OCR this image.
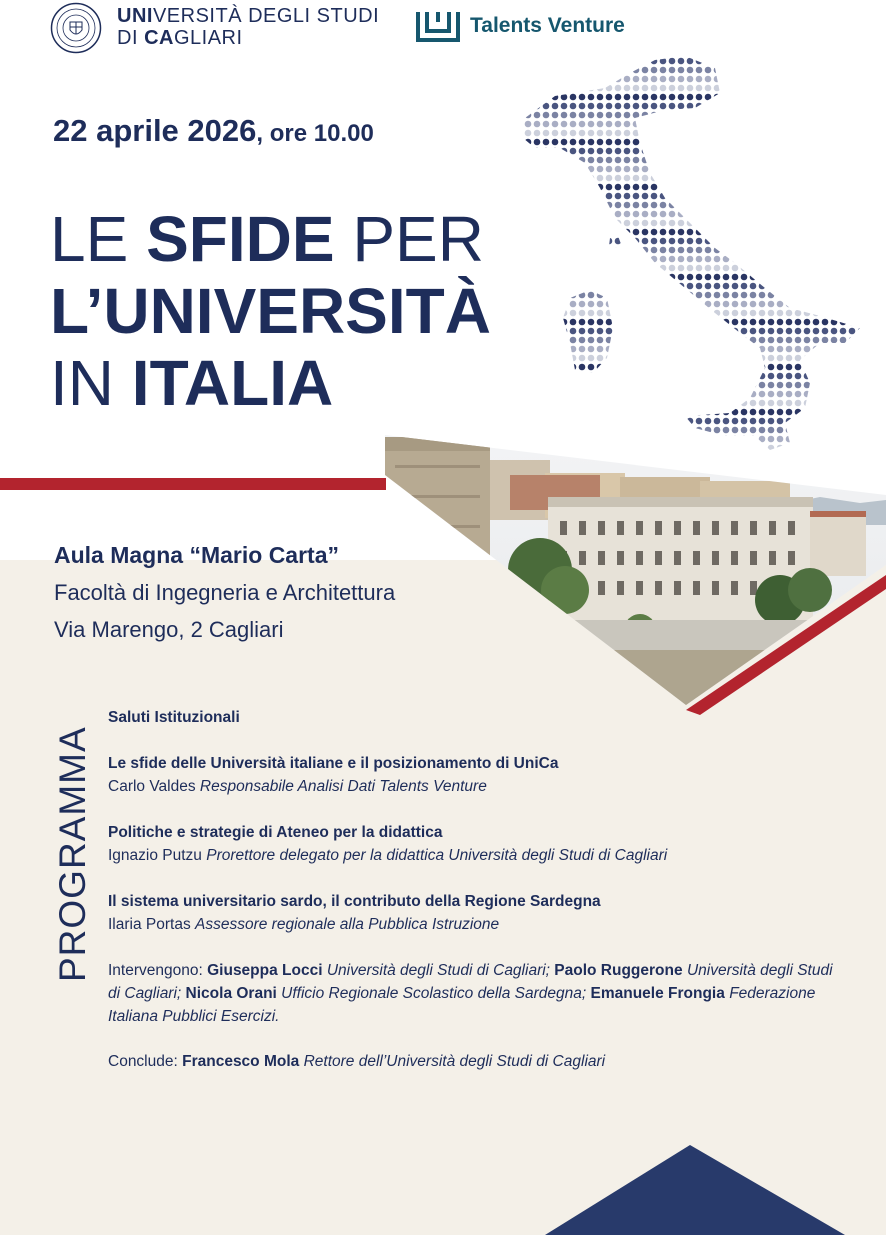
UNIVERSITÀ DEGLI STUDI
DI CAGLIARI
Talents Venture
22 aprile 2026, ore 10.00
LE SFIDE PER
L’UNIVERSITÀ
IN ITALIA
Aula Magna “Mario Carta”
Facoltà di Ingegneria e Architettura
Via Marengo, 2 Cagliari
PROGRAMMA
Saluti Istituzionali
Le sfide delle Università italiane e il posizionamento di UniCa
Carlo Valdes Responsabile Analisi Dati Talents Venture
Politiche e strategie di Ateneo per la didattica
Ignazio Putzu Prorettore delegato per la didattica Università degli Studi di Cagliari
Il sistema universitario sardo, il contributo della Regione Sardegna
Ilaria Portas Assessore regionale alla Pubblica Istruzione
Intervengono: Giuseppa Locci Università degli Studi di Cagliari; Paolo Ruggerone Università degli Studi di Cagliari; Nicola Orani Ufficio Regionale Scolastico della Sardegna; Emanuele Frongia Federazione Italiana Pubblici Esercizi.
Conclude: Francesco Mola Rettore dell’Università degli Studi di Cagliari
